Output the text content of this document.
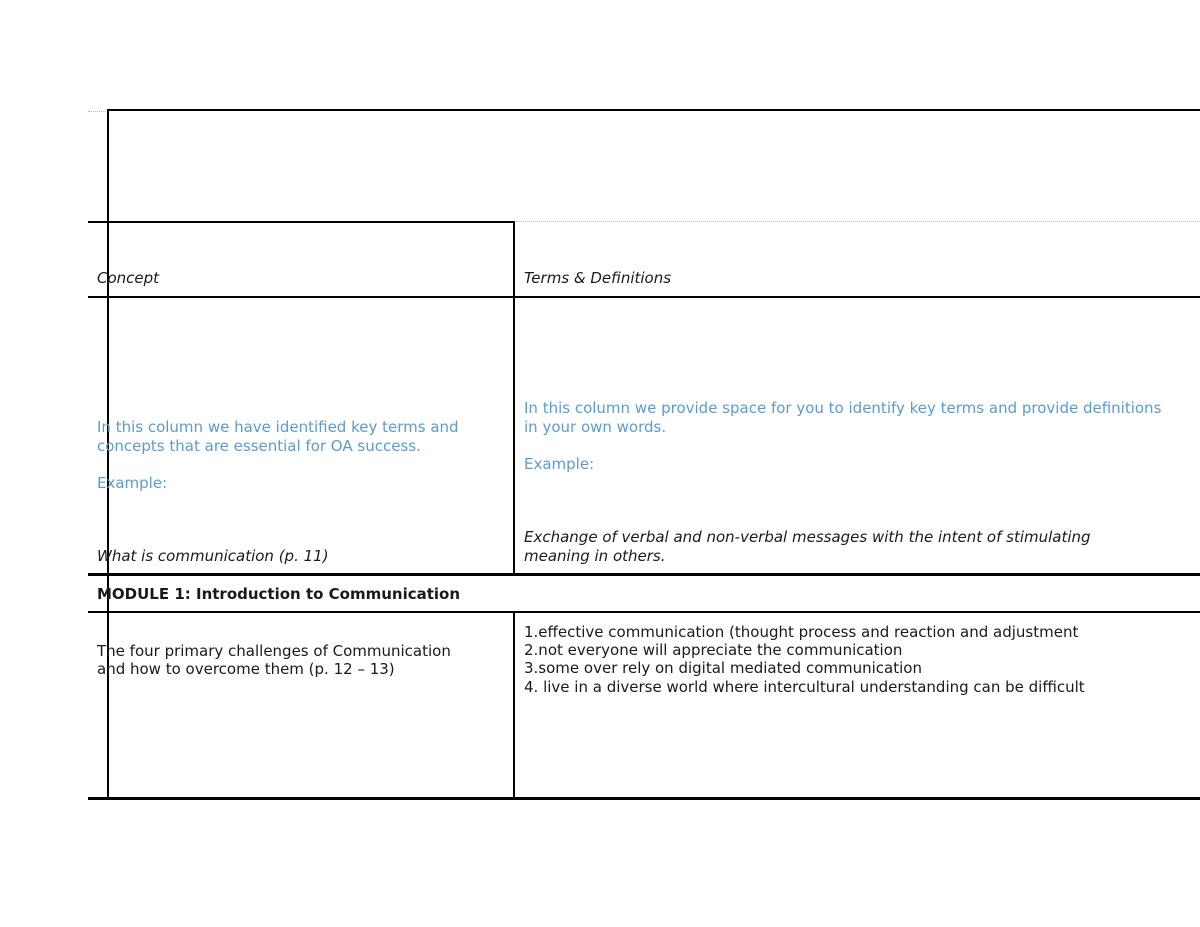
Concept	Terms & Definitions
In this column we have identified key terms and
concepts that are essential for OA success.
Example:
What is communication (p. 11)
In this column we provide space for you to identify key terms and provide definitions
in your own words.
Example:
Exchange of verbal and non-verbal messages with the intent of stimulating
meaning in others.
MODULE 1: Introduction to Communication
The four primary challenges of Communication
and how to overcome them (p. 12 – 13)
1.effective communication (thought process and reaction and adjustment
2.not everyone will appreciate the communication
3.some over rely on digital mediated communication
4. live in a diverse world where intercultural understanding can be difficult
